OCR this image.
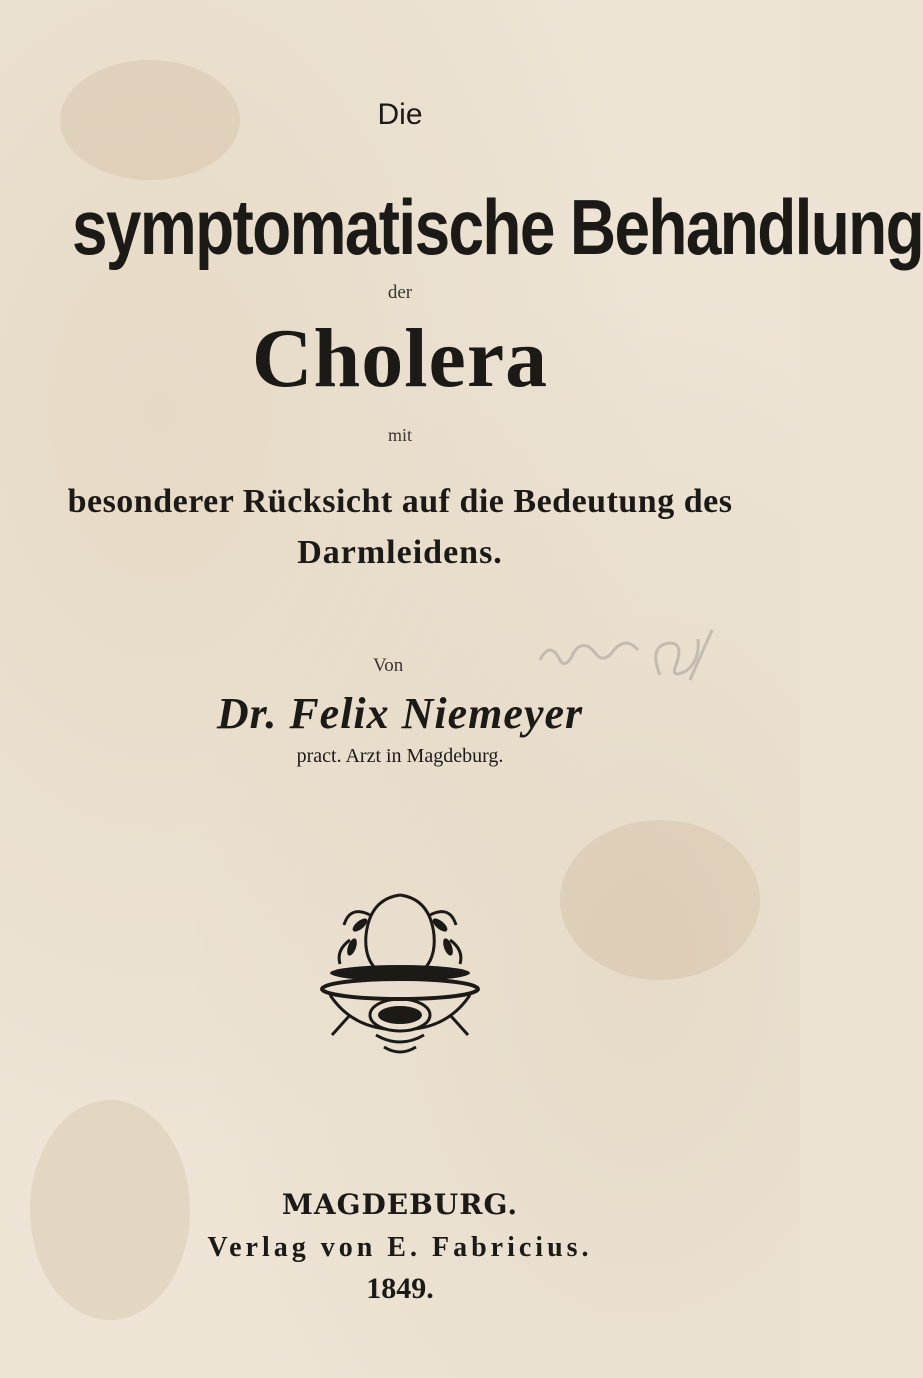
Die
symptomatische Behandlung
der
Cholera
mit
besonderer Rücksicht auf die Bedeutung des
Darmleidens.
Von
Dr. Felix Niemeyer
pract. Arzt in Magdeburg.
MAGDEBURG.
Verlag von E. Fabricius.
1849.
